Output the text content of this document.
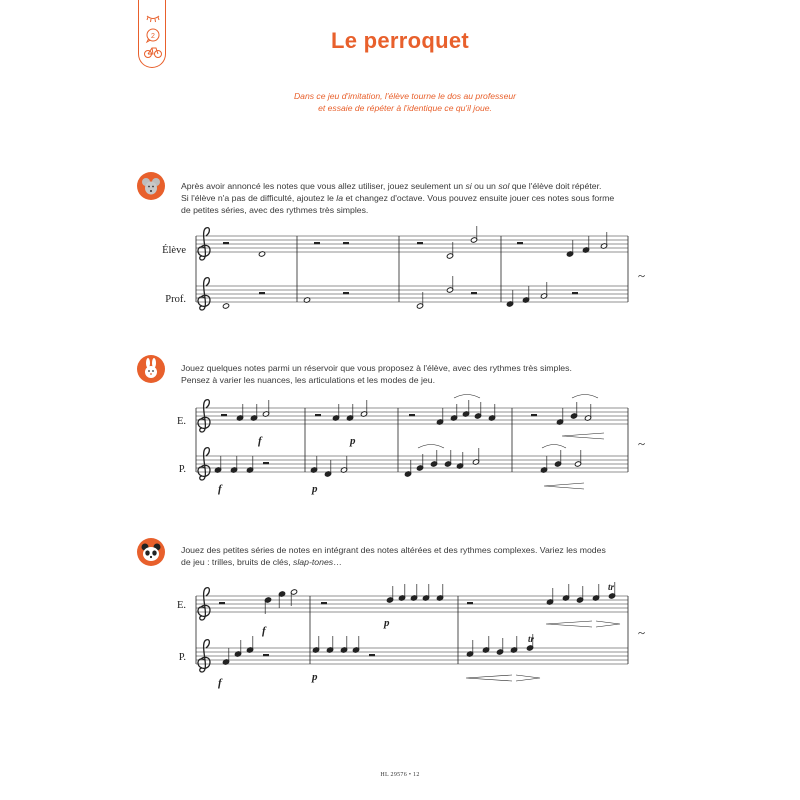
2	Le perroquet
Dans ce jeu d'imitation, l'élève tourne le dos au professeur
et essaie de répéter à l'identique ce qu'il joue.
Après avoir annoncé les notes que vous allez utiliser, jouez seulement un si ou un sol que l'élève doit répéter.
Si l'élève n'a pas de difficulté, ajoutez le la et changez d'octave. Vous pouvez ensuite jouer ces notes sous forme
de petites séries, avec des rythmes très simples.
Élève
Prof.
Jouez quelques notes parmi un réservoir que vous proposez à l'élève, avec des rythmes très simples.
Pensez à varier les nuances, les articulations et les modes de jeu.
E.
P.
Jouez des petites séries de notes en intégrant des notes altérées et des rythmes complexes. Variez les modes
de jeu : trilles, bruits de clés, slap-tones…
E.
P.
f	p
f	p
f
p
tr
f	p
tr
~
~
~
HL 29576 • 12
